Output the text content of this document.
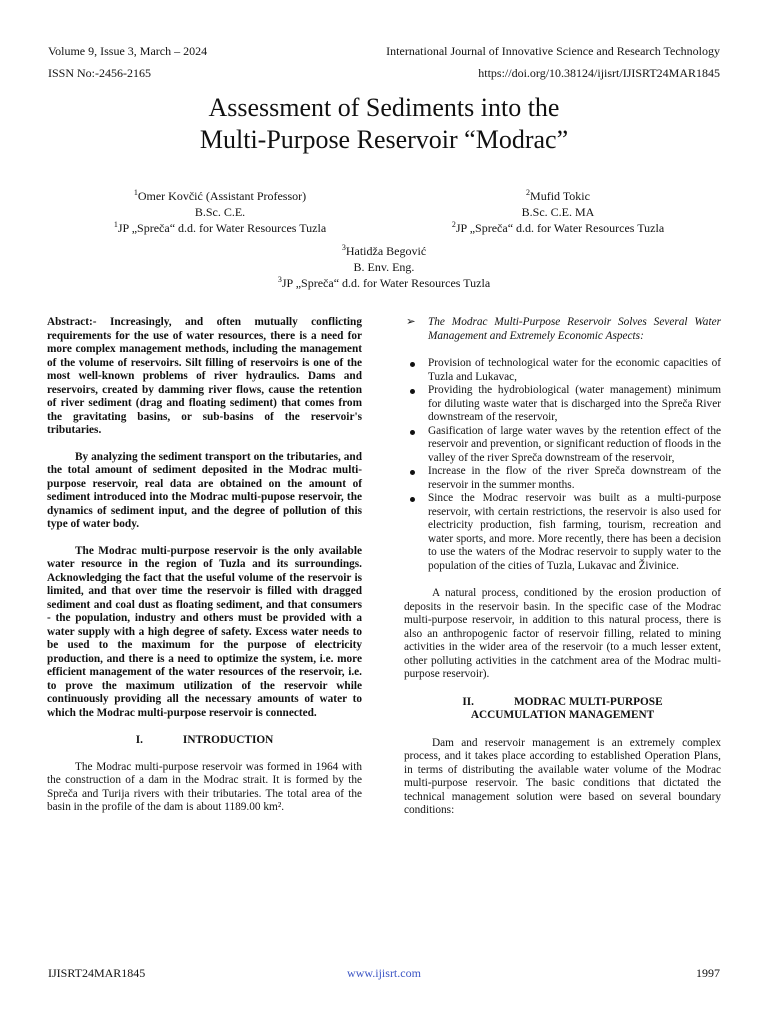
Volume 9, Issue 3, March – 2024
ISSN No:-2456-2165
International Journal of Innovative Science and Research Technology
https://doi.org/10.38124/ijisrt/IJISRT24MAR1845
Assessment of Sediments into the
Multi-Purpose Reservoir “Modrac”
$^1$Omer Kovčić (Assistant Professor)
B.Sc. C.E.
$^1$JP „Spreča“ d.d. for Water Resources Tuzla
$^2$Mufid Tokic
B.Sc. C.E. MA
$^2$JP „Spreča“ d.d. for Water Resources Tuzla
$^3$Hatidža Begović
B. Env. Eng.
$^3$JP „Spreča“ d.d. for Water Resources Tuzla

Abstract:- Increasingly, and often mutually conflicting requirements for the use of water resources, there is a need for more complex management methods, including the management of the volume of reservoirs. Silt filling of reservoirs is one of the most well-known problems of river hydraulics. Dams and reservoirs, created by damming river flows, cause the retention of river sediment (drag and floating sediment) that comes from the gravitating basins, or sub-basins of the reservoir's tributaries.

By analyzing the sediment transport on the tributaries, and the total amount of sediment deposited in the Modrac multi-purpose reservoir, real data are obtained on the amount of sediment introduced into the Modrac multi-pupose reservoir, the dynamics of sediment input, and the degree of pollution of this type of water body.

The Modrac multi-purpose reservoir is the only available water resource in the region of Tuzla and its surroundings. Acknowledging the fact that the useful volume of the reservoir is limited, and that over time the reservoir is filled with dragged sediment and coal dust as floating sediment, and that consumers - the population, industry and others must be provided with a water supply with a high degree of safety. Excess water needs to be used to the maximum for the purpose of electricity production, and there is a need to optimize the system, i.e. more efficient management of the water resources of the reservoir, i.e. to prove the maximum utilization of the reservoir while continuously providing all the necessary amounts of water to which the Modrac multi-purpose reservoir is connected.

I.	INTRODUCTION

The Modrac multi-purpose reservoir was formed in 1964 with the construction of a dam in the Modrac strait. It is formed by the Spreča and Turija rivers with their tributaries. The total area of the basin in the profile of the dam is about 1189.00 km².

➢ The Modrac Multi-Purpose Reservoir Solves Several Water Management and Extremely Economic Aspects:
Provision of technological water for the economic capacities of Tuzla and Lukavac,
Providing the hydrobiological (water management) minimum for diluting waste water that is discharged into the Spreča River downstream of the reservoir,
Gasification of large water waves by the retention effect of the reservoir and prevention, or significant reduction of floods in the valley of the river Spreča downstream of the reservoir,
Increase in the flow of the river Spreča downstream of the reservoir in the summer months.
Since the Modrac reservoir was built as a multi-purpose reservoir, with certain restrictions, the reservoir is also used for electricity production, fish farming, tourism, recreation and water sports, and more. More recently, there has been a decision to use the waters of the Modrac reservoir to supply water to the population of the cities of Tuzla, Lukavac and Živinice.

A natural process, conditioned by the erosion production of deposits in the reservoir basin. In the specific case of the Modrac multi-purpose reservoir, in addition to this natural process, there is also an anthropogenic factor of reservoir filling, related to mining activities in the wider area of the reservoir (to a much lesser extent, other polluting activities in the catchment area of the Modrac multi-purpose reservoir).

II.	MODRAC MULTI-PURPOSE
ACCUMULATION MANAGEMENT

Dam and reservoir management is an extremely complex process, and it takes place according to established Operation Plans, in terms of distributing the available water volume of the Modrac multi-purpose reservoir. The basic conditions that dictated the technical management solution were based on several boundary conditions:

IJISRT24MAR1845	www.ijisrt.com	1997
